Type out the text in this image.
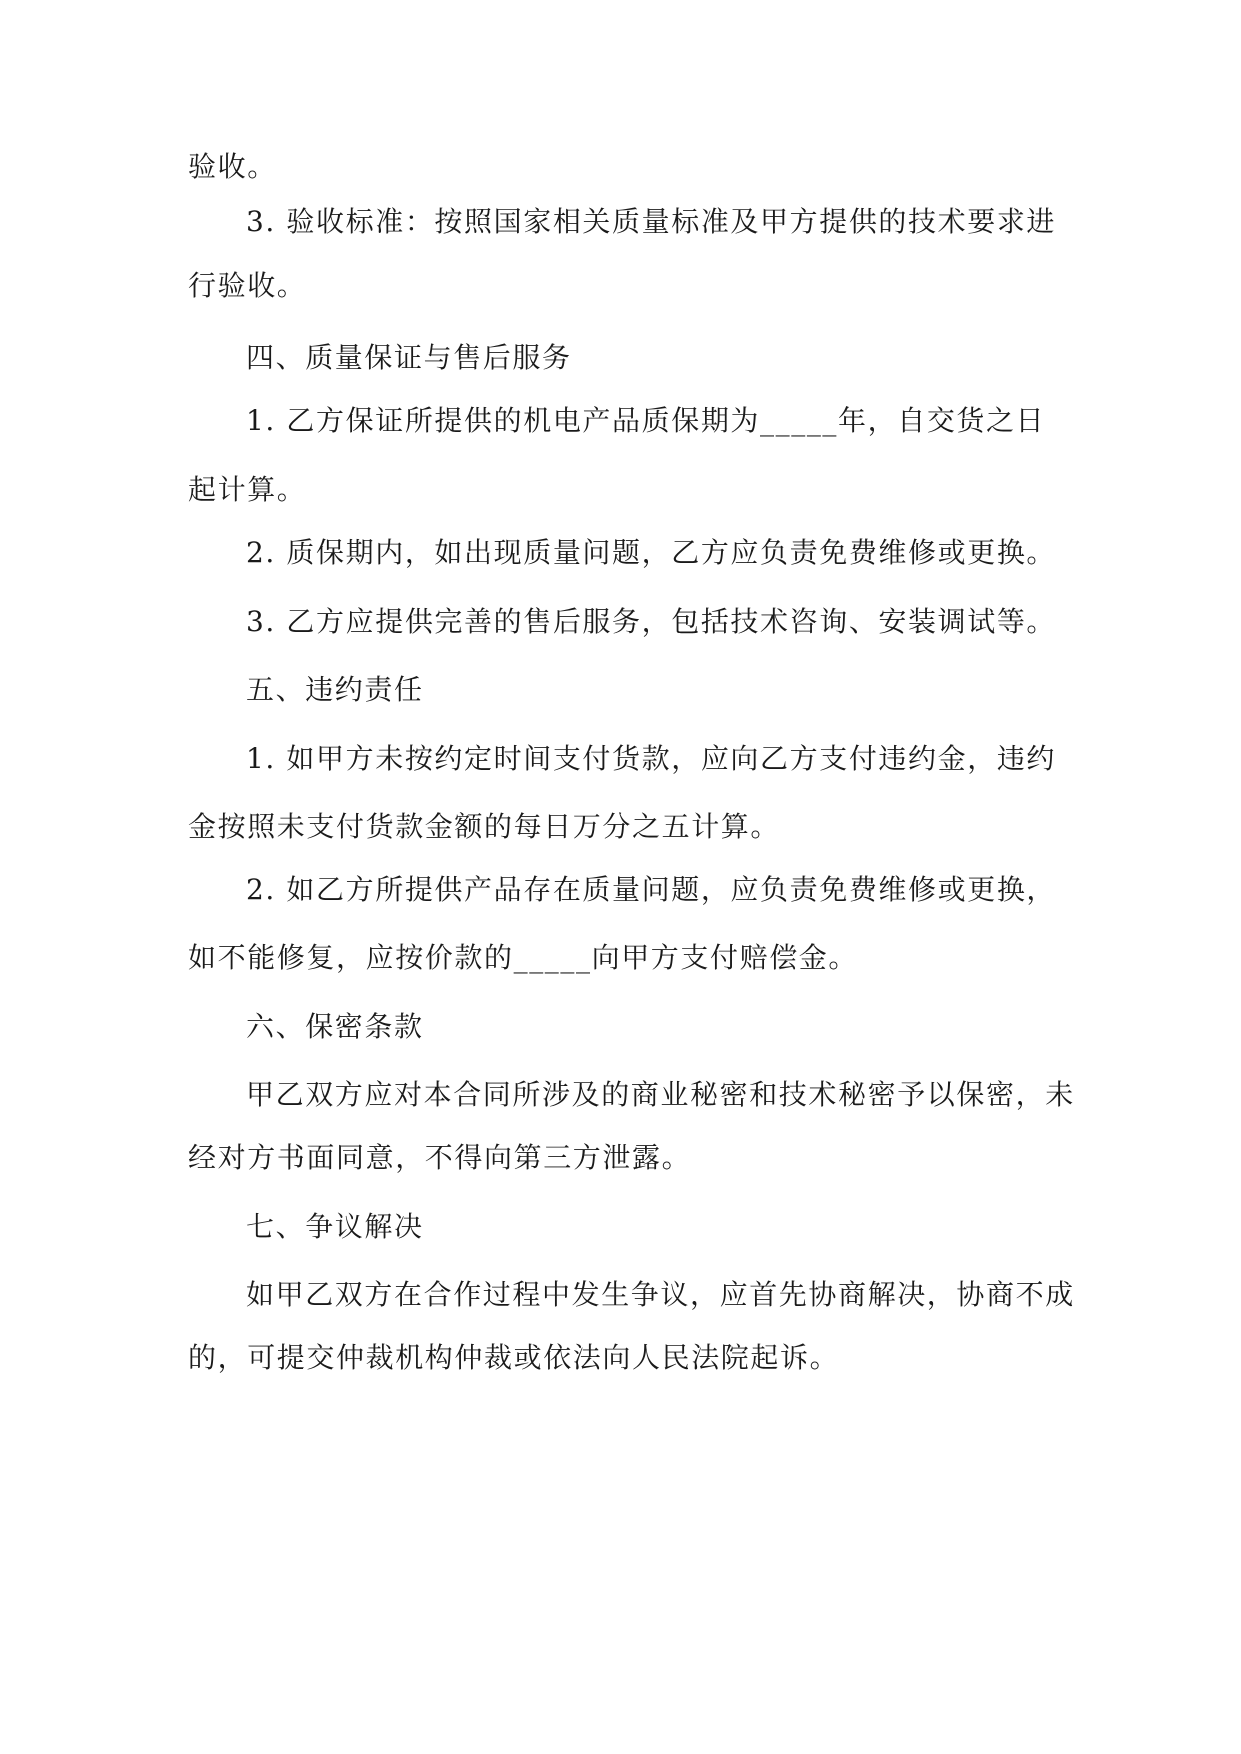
验收。

3. 验收标准：按照国家相关质量标准及甲方提供的技术要求进

行验收。

四、质量保证与售后服务

1. 乙方保证所提供的机电产品质保期为_____年，自交货之日

起计算。

2. 质保期内，如出现质量问题，乙方应负责免费维修或更换。

3. 乙方应提供完善的售后服务，包括技术咨询、安装调试等。

五、违约责任

1. 如甲方未按约定时间支付货款，应向乙方支付违约金，违约

金按照未支付货款金额的每日万分之五计算。

2. 如乙方所提供产品存在质量问题，应负责免费维修或更换，

如不能修复，应按价款的_____向甲方支付赔偿金。

六、保密条款

甲乙双方应对本合同所涉及的商业秘密和技术秘密予以保密，未

经对方书面同意，不得向第三方泄露。

七、争议解决

如甲乙双方在合作过程中发生争议，应首先协商解决，协商不成

的，可提交仲裁机构仲裁或依法向人民法院起诉。
